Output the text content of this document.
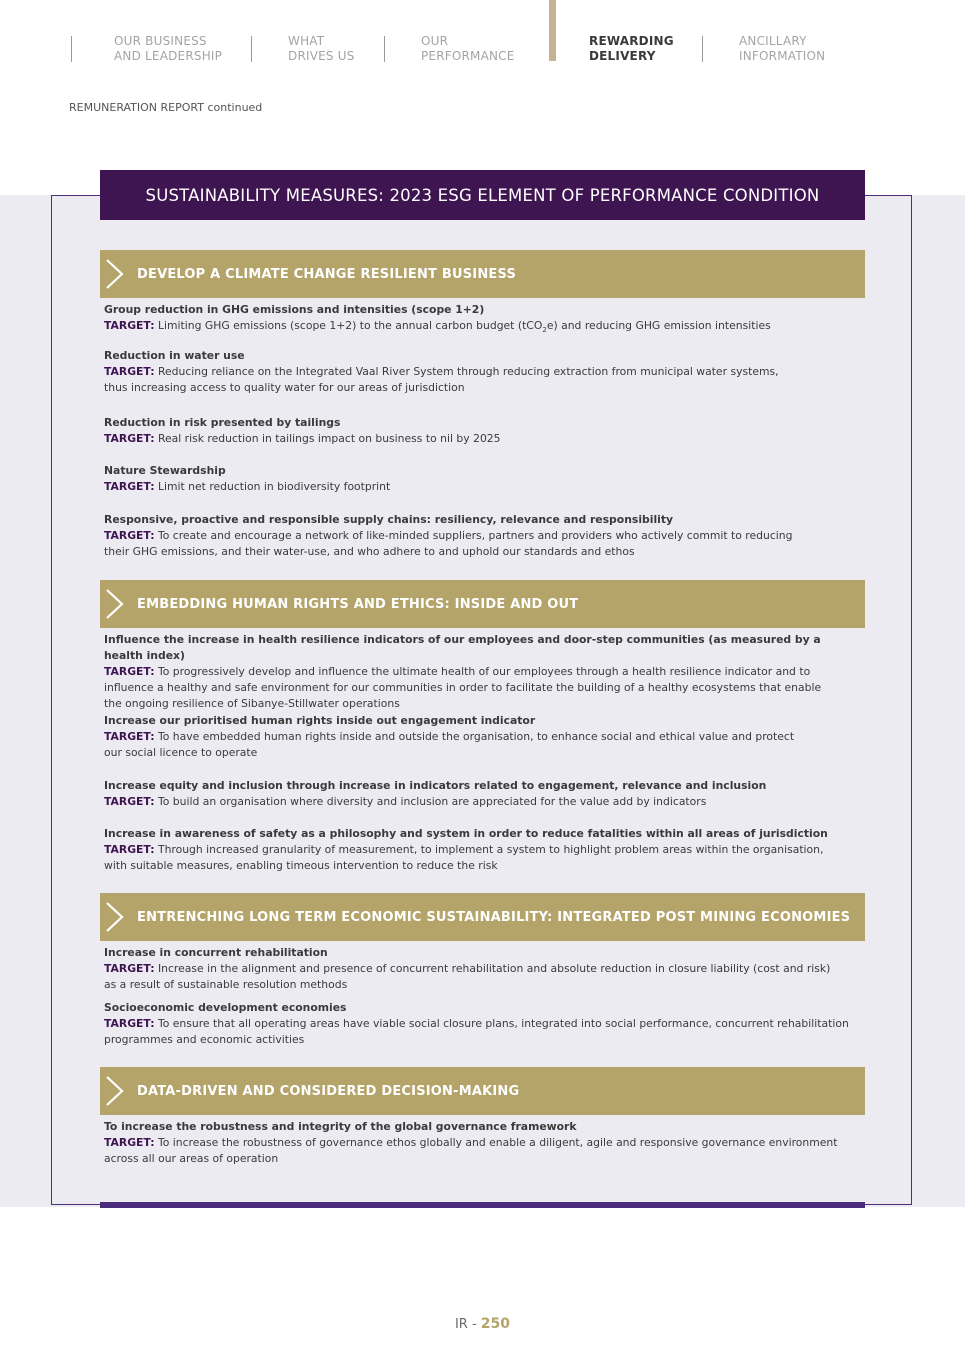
OUR BUSINESS
AND LEADERSHIP
WHAT
DRIVES US
OUR
PERFORMANCE
REWARDING
DELIVERY
ANCILLARY
INFORMATION
REMUNERATION REPORT continued
SUSTAINABILITY MEASURES: 2023 ESG ELEMENT OF PERFORMANCE CONDITION
DEVELOP A CLIMATE CHANGE RESILIENT BUSINESS
Group reduction in GHG emissions and intensities (scope 1+2)
TARGET: Limiting GHG emissions (scope 1+2) to the annual carbon budget (tCO$_2$e) and reducing GHG emission intensities
Reduction in water use
TARGET: Reducing reliance on the Integrated Vaal River System through reducing extraction from municipal water systems,
thus increasing access to quality water for our areas of jurisdiction
Reduction in risk presented by tailings
TARGET: Real risk reduction in tailings impact on business to nil by 2025
Nature Stewardship
TARGET: Limit net reduction in biodiversity footprint
Responsive, proactive and responsible supply chains: resiliency, relevance and responsibility
TARGET: To create and encourage a network of like-minded suppliers, partners and providers who actively commit to reducing
their GHG emissions, and their water-use, and who adhere to and uphold our standards and ethos
EMBEDDING HUMAN RIGHTS AND ETHICS: INSIDE AND OUT
Influence the increase in health resilience indicators of our employees and door-step communities (as measured by a health index)
TARGET: To progressively develop and influence the ultimate health of our employees through a health resilience indicator and to
influence a healthy and safe environment for our communities in order to facilitate the building of a healthy ecosystems that enable
the ongoing resilience of Sibanye-Stillwater operations
Increase our prioritised human rights inside out engagement indicator
TARGET: To have embedded human rights inside and outside the organisation, to enhance social and ethical value and protect
our social licence to operate
Increase equity and inclusion through increase in indicators related to engagement, relevance and inclusion
TARGET: To build an organisation where diversity and inclusion are appreciated for the value add by indicators
Increase in awareness of safety as a philosophy and system in order to reduce fatalities within all areas of jurisdiction
TARGET: Through increased granularity of measurement, to implement a system to highlight problem areas within the organisation,
with suitable measures, enabling timeous intervention to reduce the risk
ENTRENCHING LONG TERM ECONOMIC SUSTAINABILITY: INTEGRATED POST MINING ECONOMIES
Increase in concurrent rehabilitation
TARGET: Increase in the alignment and presence of concurrent rehabilitation and absolute reduction in closure liability (cost and risk)
as a result of sustainable resolution methods
Socioeconomic development economies
TARGET: To ensure that all operating areas have viable social closure plans, integrated into social performance, concurrent rehabilitation
programmes and economic activities
DATA-DRIVEN AND CONSIDERED DECISION-MAKING
To increase the robustness and integrity of the global governance framework
TARGET: To increase the robustness of governance ethos globally and enable a diligent, agile and responsive governance environment
across all our areas of operation
IR - 250
